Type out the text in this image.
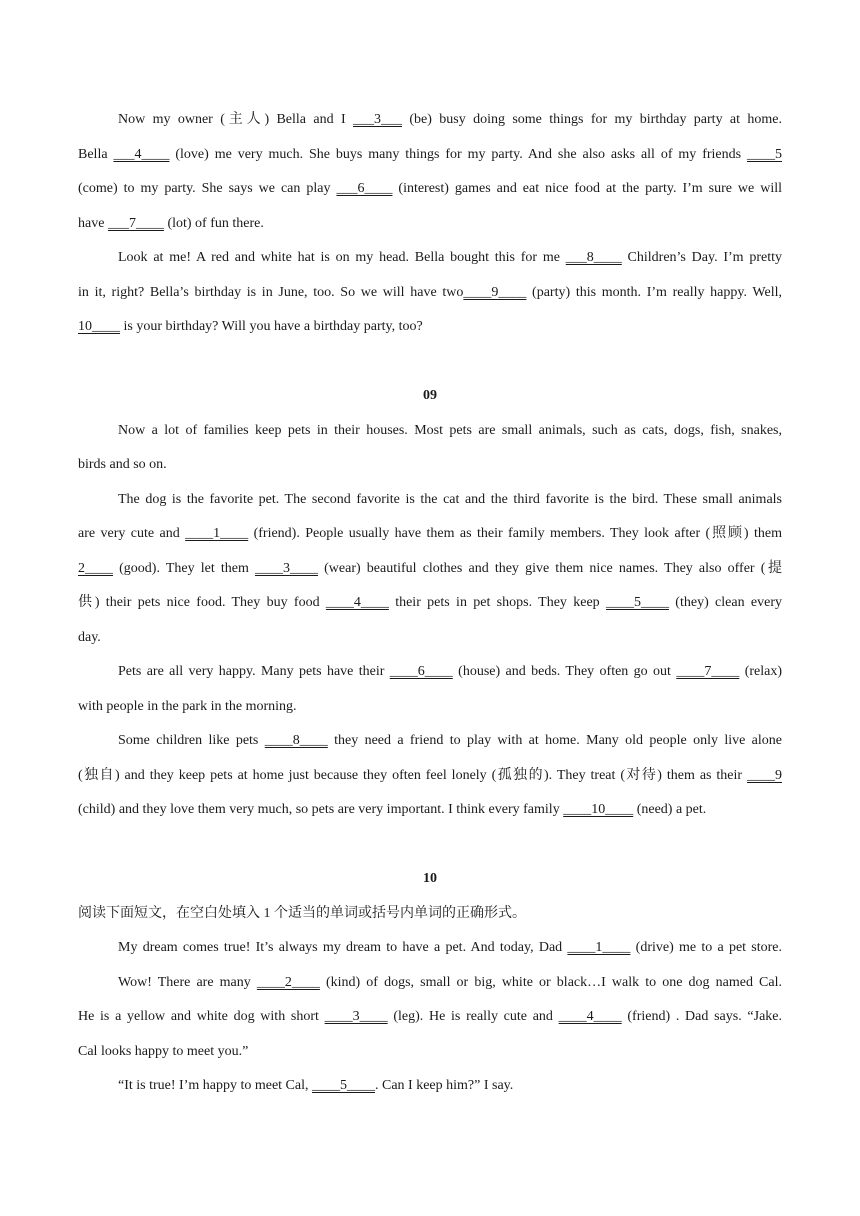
Now my owner (主人) Bella and I ___3___ (be) busy doing some things for my birthday party at home.
Bella ___4____ (love) me very much. She buys many things for my party. And she also asks all of my friends ____5
(come) to my party. She says we can play ___6____ (interest) games and eat nice food at the party. I’m sure we will
have ___7____ (lot) of fun there.
Look at me! A red and white hat is on my head. Bella bought this for me ___8____ Children’s Day. I’m pretty
in it, right? Bella’s birthday is in June, too. So we will have two____9____ (party) this month. I’m really happy. Well,
10____ is your birthday? Will you have a birthday party, too?
09
Now a lot of families keep pets in their houses. Most pets are small animals, such as cats, dogs, fish, snakes,
birds and so on.
The dog is the favorite pet. The second favorite is the cat and the third favorite is the bird. These small animals
are very cute and ____1____ (friend). People usually have them as their family members. They look after (照顾) them
2____ (good). They let them ____3____ (wear) beautiful clothes and they give them nice names. They also offer (提
供) their pets nice food. They buy food ____4____ their pets in pet shops. They keep ____5____ (they) clean every
day.
Pets are all very happy. Many pets have their ____6____ (house) and beds. They often go out ____7____ (relax)
with people in the park in the morning.
Some children like pets ____8____ they need a friend to play with at home. Many old people only live alone
(独自) and they keep pets at home just because they often feel lonely (孤独的). They treat (对待) them as their ____9
(child) and they love them very much, so pets are very important. I think every family ____10____ (need) a pet.
10
阅读下面短文，在空白处填入 1 个适当的单词或括号内单词的正确形式。
My dream comes true! It’s always my dream to have a pet. And today, Dad ____1____ (drive) me to a pet store.
Wow! There are many ____2____ (kind) of dogs, small or big, white or black…I walk to one dog named Cal.
He is a yellow and white dog with short ____3____ (leg). He is really cute and ____4____ (friend) . Dad says. “Jake.
Cal looks happy to meet you.”
“It is true! I’m happy to meet Cal, ____5____. Can I keep him?” I say.
